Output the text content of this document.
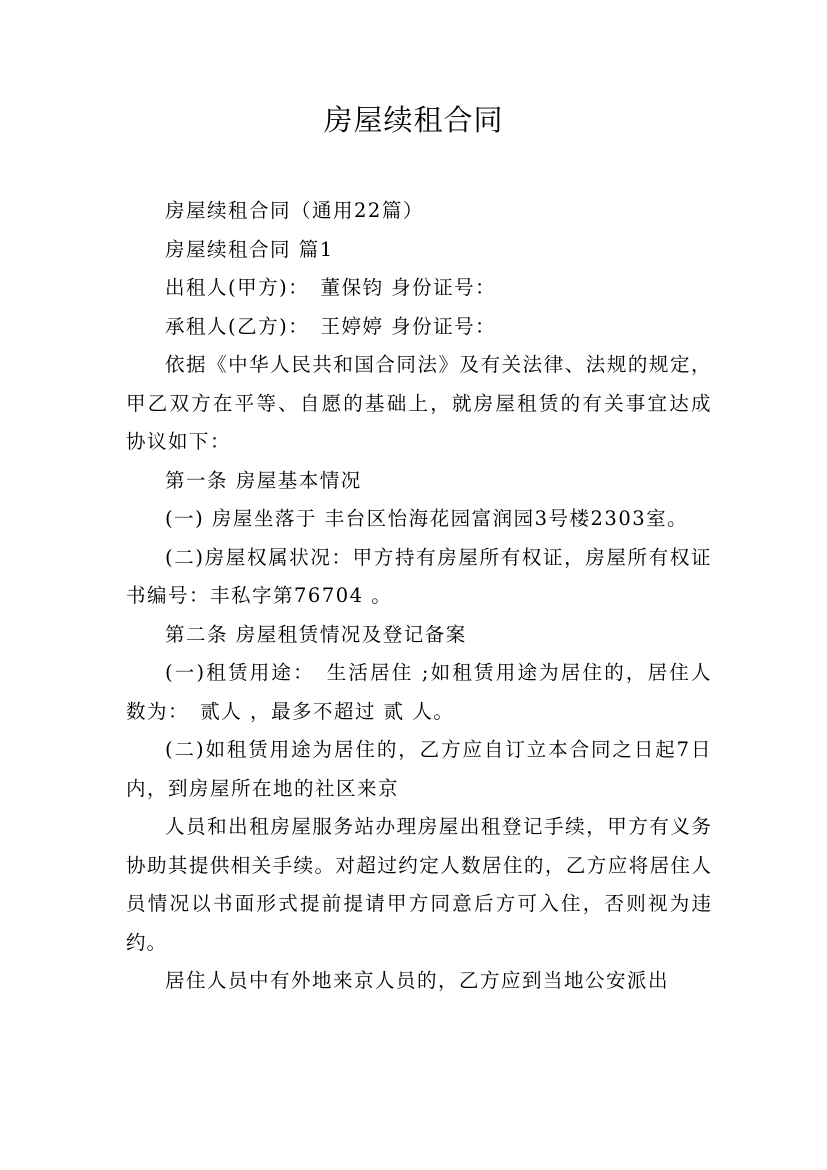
房屋续租合同

房屋续租合同（通用22篇）

房屋续租合同 篇1

出租人(甲方)：　董保钧 身份证号：

承租人(乙方)：　王婷婷 身份证号：

依据《中华人民共和国合同法》及有关法律、法规的规定，甲乙双方在平等、自愿的基础上，就房屋租赁的有关事宜达成协议如下：

第一条 房屋基本情况

(一) 房屋坐落于 丰台区怡海花园富润园3号楼2303室。

(二)房屋权属状况：甲方持有房屋所有权证，房屋所有权证书编号：丰私字第76704 。

第二条 房屋租赁情况及登记备案

(一)租赁用途：　生活居住 ;如租赁用途为居住的，居住人数为：　贰人 ，最多不超过 贰 人。

(二)如租赁用途为居住的，乙方应自订立本合同之日起7日内，到房屋所在地的社区来京

人员和出租房屋服务站办理房屋出租登记手续，甲方有义务协助其提供相关手续。对超过约定人数居住的，乙方应将居住人员情况以书面形式提前提请甲方同意后方可入住，否则视为违约。

居住人员中有外地来京人员的，乙方应到当地公安派出
